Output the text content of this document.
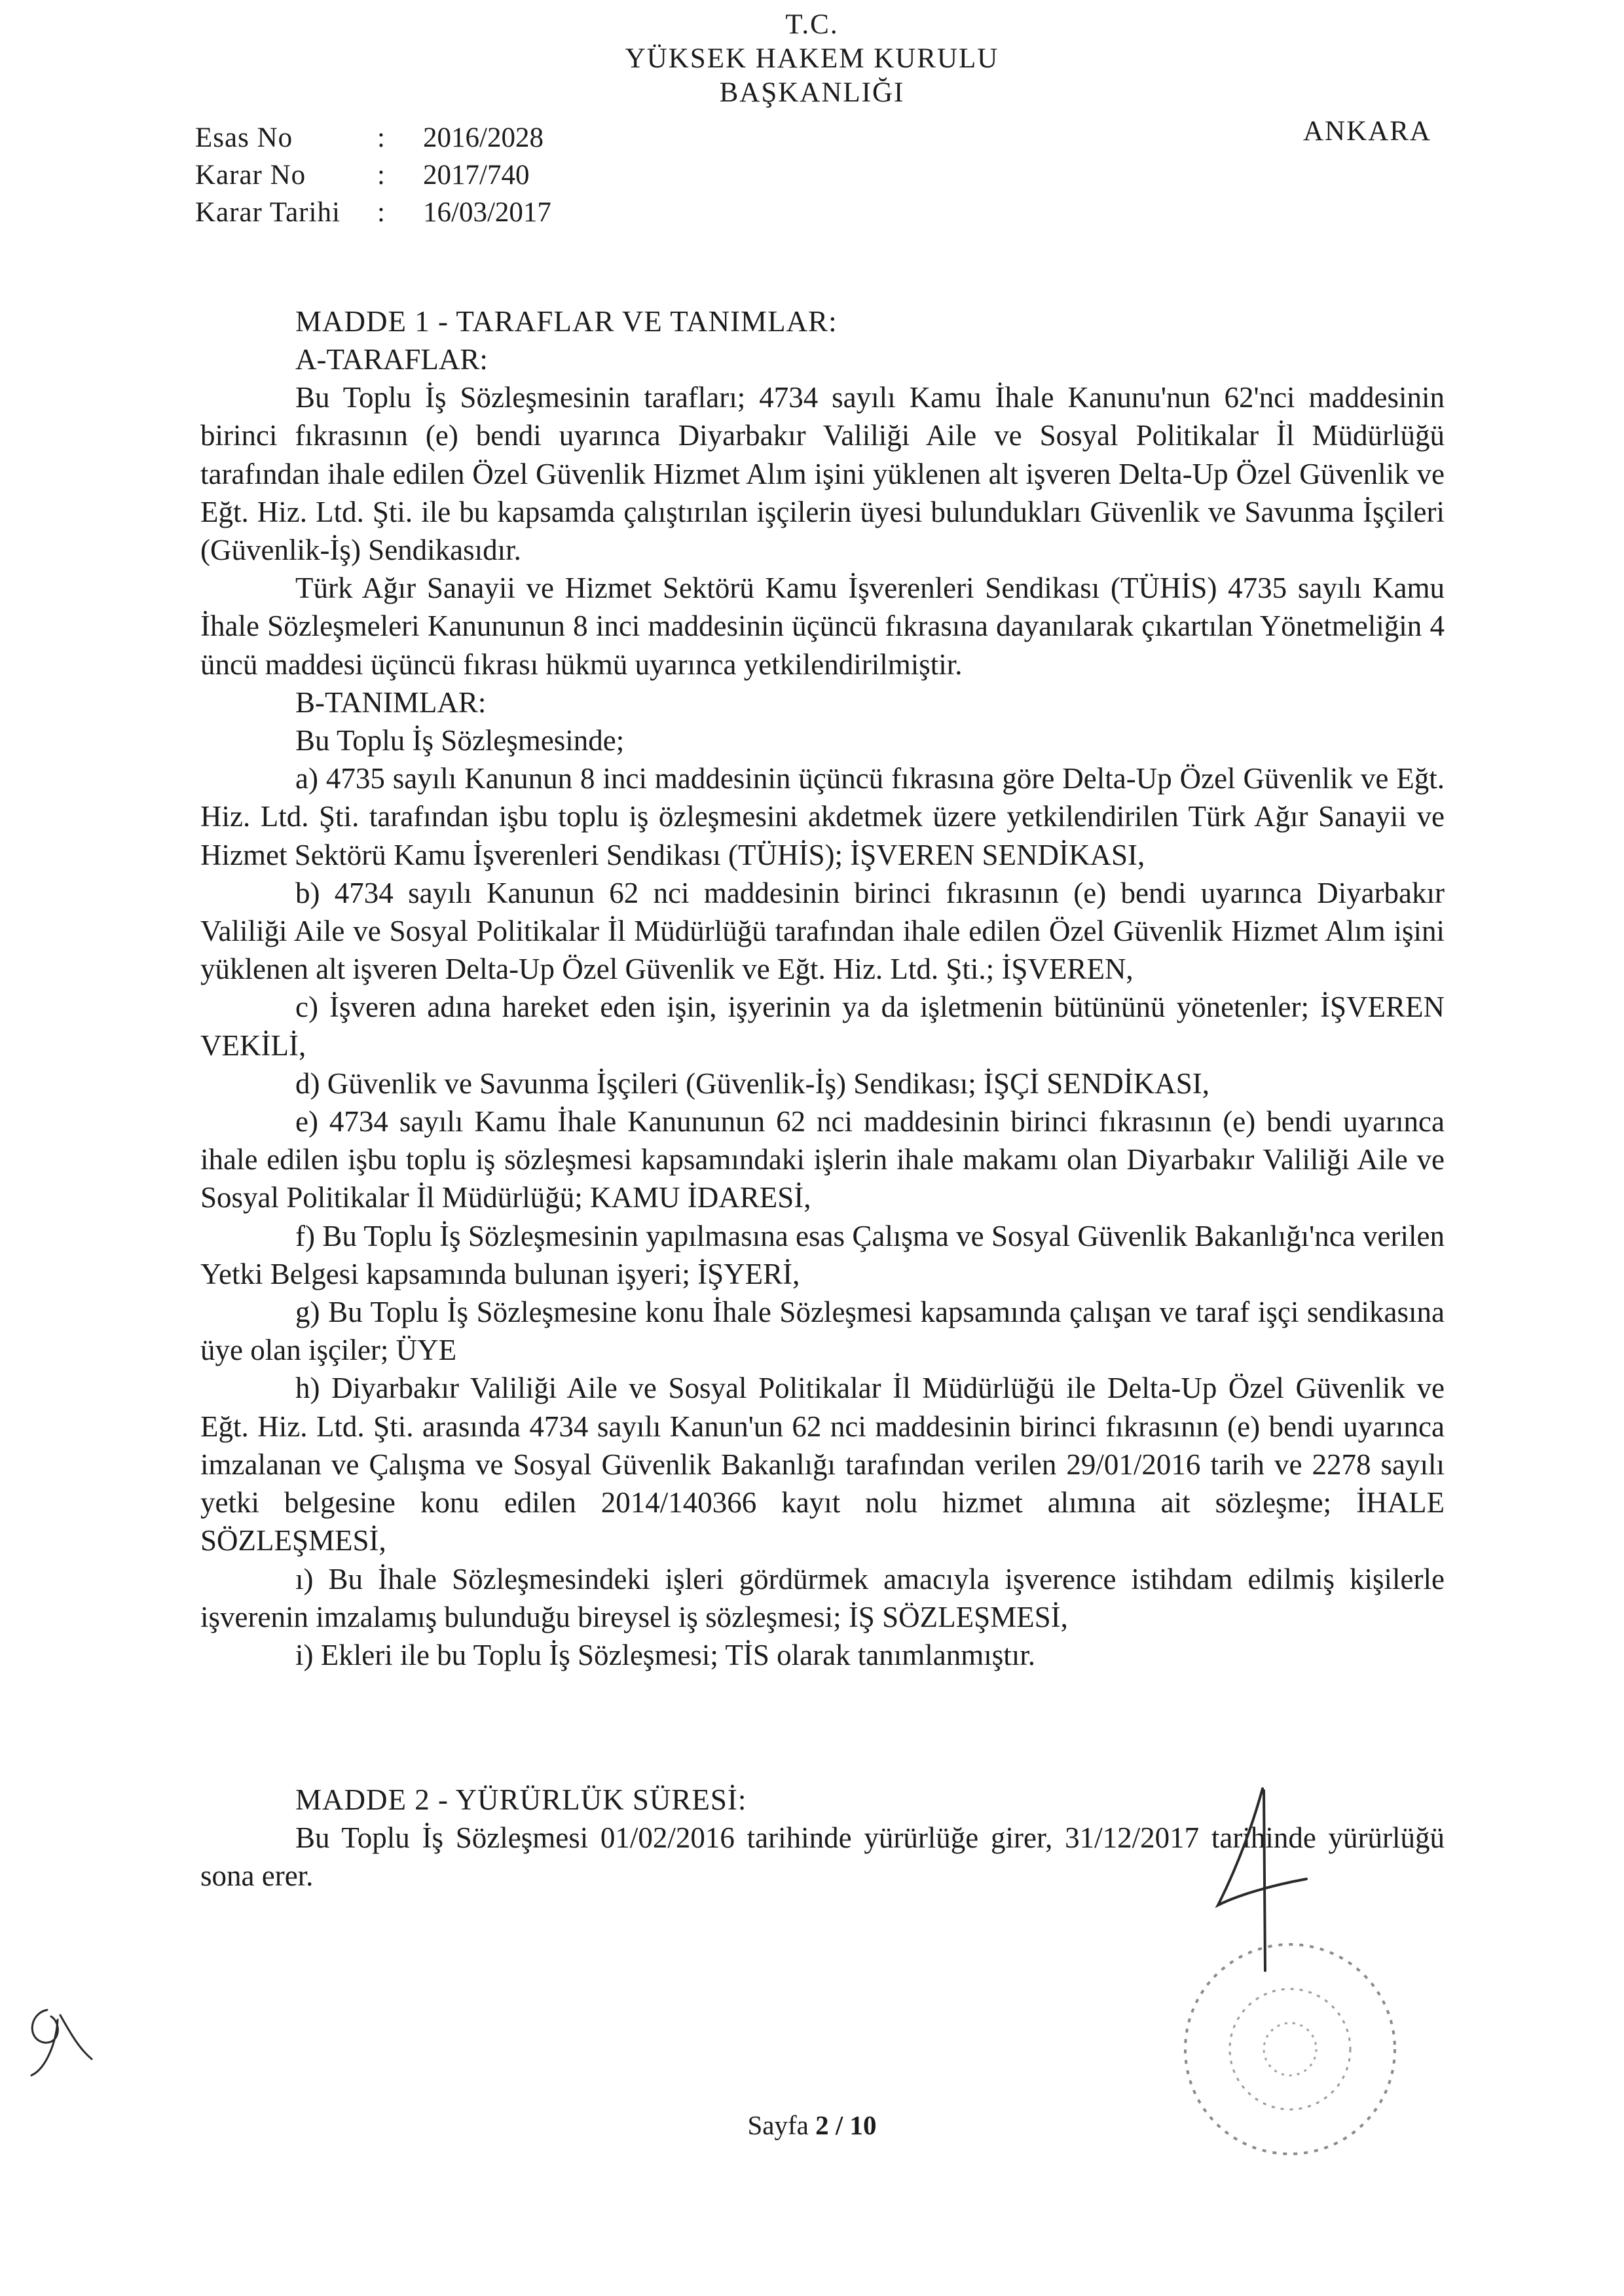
T.C.
YÜKSEK HAKEM KURULU
BAŞKANLIĞI
Esas No	: 2016/2028
Karar No	: 2017/740
Karar Tarihi : 16/03/2017
ANKARA
MADDE 1 - TARAFLAR VE TANIMLAR:
A-TARAFLAR:

Bu Toplu İş Sözleşmesinin tarafları; 4734 sayılı Kamu İhale Kanunu'nun 62'nci maddesinin birinci fıkrasının (e) bendi uyarınca Diyarbakır Valiliği Aile ve Sosyal Politikalar İl Müdürlüğü tarafından ihale edilen Özel Güvenlik Hizmet Alım işini yüklenen alt işveren Delta-Up Özel Güvenlik ve Eğt. Hiz. Ltd. Şti. ile bu kapsamda çalıştırılan işçilerin üyesi bulundukları Güvenlik ve Savunma İşçileri (Güvenlik-İş) Sendikasıdır.

Türk Ağır Sanayii ve Hizmet Sektörü Kamu İşverenleri Sendikası (TÜHİS) 4735 sayılı Kamu İhale Sözleşmeleri Kanununun 8 inci maddesinin üçüncü fıkrasına dayanılarak çıkartılan Yönetmeliğin 4 üncü maddesi üçüncü fıkrası hükmü uyarınca yetkilendirilmiştir.

B-TANIMLAR:
Bu Toplu İş Sözleşmesinde;

a) 4735 sayılı Kanunun 8 inci maddesinin üçüncü fıkrasına göre Delta-Up Özel Güvenlik ve Eğt. Hiz. Ltd. Şti. tarafından işbu toplu iş özleşmesini akdetmek üzere yetkilendirilen Türk Ağır Sanayii ve Hizmet Sektörü Kamu İşverenleri Sendikası (TÜHİS); İŞVEREN SENDİKASI,

b) 4734 sayılı Kanunun 62 nci maddesinin birinci fıkrasının (e) bendi uyarınca Diyarbakır Valiliği Aile ve Sosyal Politikalar İl Müdürlüğü tarafından ihale edilen Özel Güvenlik Hizmet Alım işini yüklenen alt işveren Delta-Up Özel Güvenlik ve Eğt. Hiz. Ltd. Şti.; İŞVEREN,

c) İşveren adına hareket eden işin, işyerinin ya da işletmenin bütününü yönetenler; İŞVEREN VEKİLİ,

d) Güvenlik ve Savunma İşçileri (Güvenlik-İş) Sendikası; İŞÇİ SENDİKASI,

e) 4734 sayılı Kamu İhale Kanununun 62 nci maddesinin birinci fıkrasının (e) bendi uyarınca ihale edilen işbu toplu iş sözleşmesi kapsamındaki işlerin ihale makamı olan Diyarbakır Valiliği Aile ve Sosyal Politikalar İl Müdürlüğü; KAMU İDARESİ,

f) Bu Toplu İş Sözleşmesinin yapılmasına esas Çalışma ve Sosyal Güvenlik Bakanlığı'nca verilen Yetki Belgesi kapsamında bulunan işyeri; İŞYERİ,

g) Bu Toplu İş Sözleşmesine konu İhale Sözleşmesi kapsamında çalışan ve taraf işçi sendikasına üye olan işçiler; ÜYE

h) Diyarbakır Valiliği Aile ve Sosyal Politikalar İl Müdürlüğü ile Delta-Up Özel Güvenlik ve Eğt. Hiz. Ltd. Şti. arasında 4734 sayılı Kanun'un 62 nci maddesinin birinci fıkrasının (e) bendi uyarınca imzalanan ve Çalışma ve Sosyal Güvenlik Bakanlığı tarafından verilen 29/01/2016 tarih ve 2278 sayılı yetki belgesine konu edilen 2014/140366 kayıt nolu hizmet alımına ait sözleşme; İHALE SÖZLEŞMESİ,

ı) Bu İhale Sözleşmesindeki işleri gördürmek amacıyla işverence istihdam edilmiş kişilerle işverenin imzalamış bulunduğu bireysel iş sözleşmesi; İŞ SÖZLEŞMESİ,

i) Ekleri ile bu Toplu İş Sözleşmesi; TİS olarak tanımlanmıştır.

MADDE 2 - YÜRÜRLÜK SÜRESİ:

Bu Toplu İş Sözleşmesi 01/02/2016 tarihinde yürürlüğe girer, 31/12/2017 tarihinde yürürlüğü sona erer.

Sayfa 2 / 10
